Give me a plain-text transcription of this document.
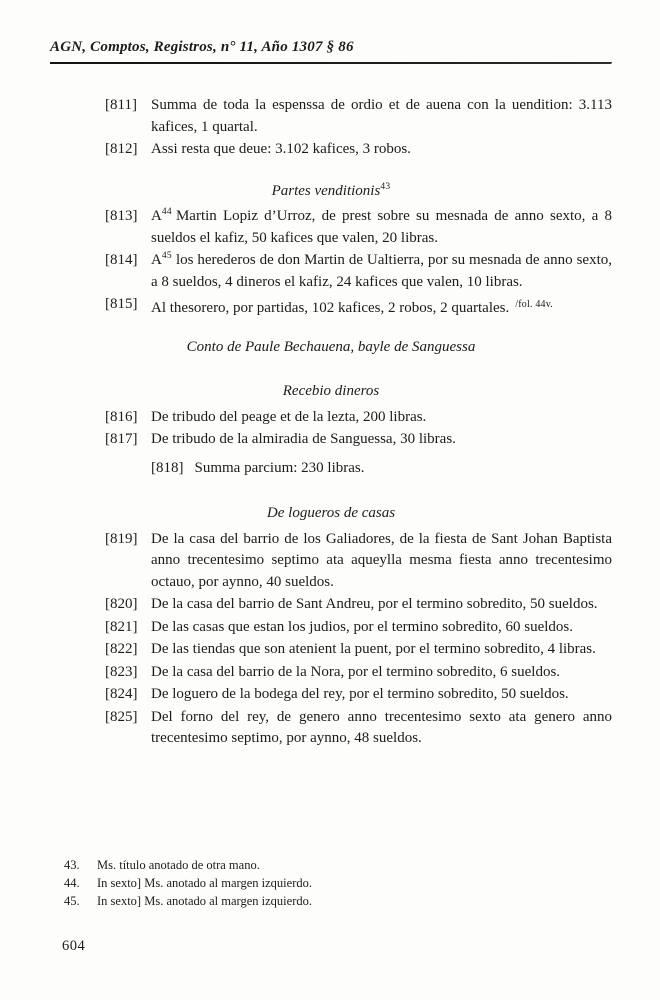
AGN, Comptos, Registros, n° 11, Año 1307 § 86

[811] Summa de toda la espenssa de ordio et de auena con la uendition: 3.113 kafices, 1 quartal.

[812] Assi resta que deue: 3.102 kafices, 3 robos.

Partes venditionis$^{43}$

[813] A$^{44}$ Martin Lopiz d’Urroz, de prest sobre su mesnada de anno sexto, a 8 sueldos el kafiz, 50 kafices que valen, 20 libras.

[814] A$^{45}$ los herederos de don Martin de Ualtierra, por su mesnada de anno sexto, a 8 sueldos, 4 dineros el kafiz, 24 kafices que valen, 10 libras.

[815] Al thesorero, por partidas, 102 kafices, 2 robos, 2 quartales. $^{/fol. 44v.}$

Conto de Paule Bechauena, bayle de Sanguessa
Recebio dineros

[816] De tribudo del peage et de la lezta, 200 libras.

[817] De tribudo de la almiradia de Sanguessa, 30 libras.

[818] Summa parcium: 230 libras.

De logueros de casas

[819] De la casa del barrio de los Galiadores, de la fiesta de Sant Johan Baptista anno trecentesimo septimo ata aqueylla mesma fiesta anno trecentesimo octauo, por aynno, 40 sueldos.

[820] De la casa del barrio de Sant Andreu, por el termino sobredito, 50 sueldos.

[821] De las casas que estan los judios, por el termino sobredito, 60 sueldos.

[822] De las tiendas que son atenient la puent, por el termino sobredito, 4 libras.

[823] De la casa del barrio de la Nora, por el termino sobredito, 6 sueldos.

[824] De loguero de la bodega del rey, por el termino sobredito, 50 sueldos.

[825] Del forno del rey, de genero anno trecentesimo sexto ata genero anno trecentesimo septimo, por aynno, 48 sueldos.

43. Ms. título anotado de otra mano.

44. In sexto] Ms. anotado al margen izquierdo.

45. In sexto] Ms. anotado al margen izquierdo.

604
